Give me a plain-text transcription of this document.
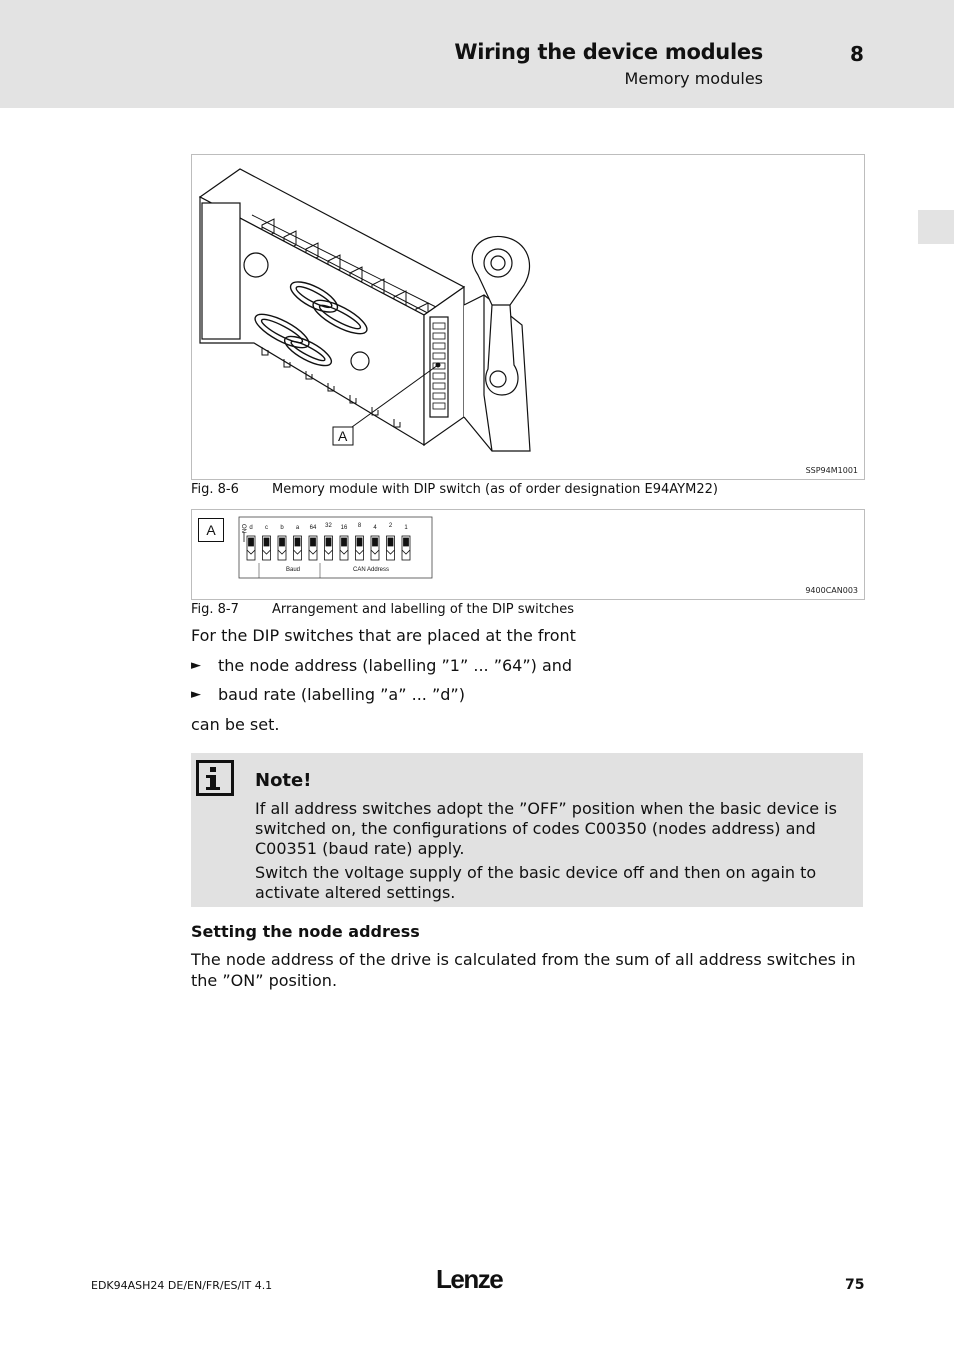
Wiring the device modules
Memory modules
8
A
SSP94M1001
Fig. 8-6	Memory module with DIP switch (as of order designation E94AYM22)
A	ON d c b a 64 32 16 8 4 2 1
Baud	CAN Address
9400CAN003
Fig. 8-7	Arrangement and labelling of the DIP switches
For the DIP switches that are placed at the front
► the node address (labelling ”1” ... ”64”) and
► baud rate (labelling ”a” ... ”d”)
can be set.
Note!
If all address switches adopt the ”OFF” position when the basic device is switched on, the configurations of codes C00350 (nodes address) and C00351 (baud rate) apply.
Switch the voltage supply of the basic device off and then on again to activate altered settings.
Setting the node address
The node address of the drive is calculated from the sum of all address switches in the ”ON” position.
EDK94ASH24 DE/EN/FR/ES/IT 4.1	Lenze	75
